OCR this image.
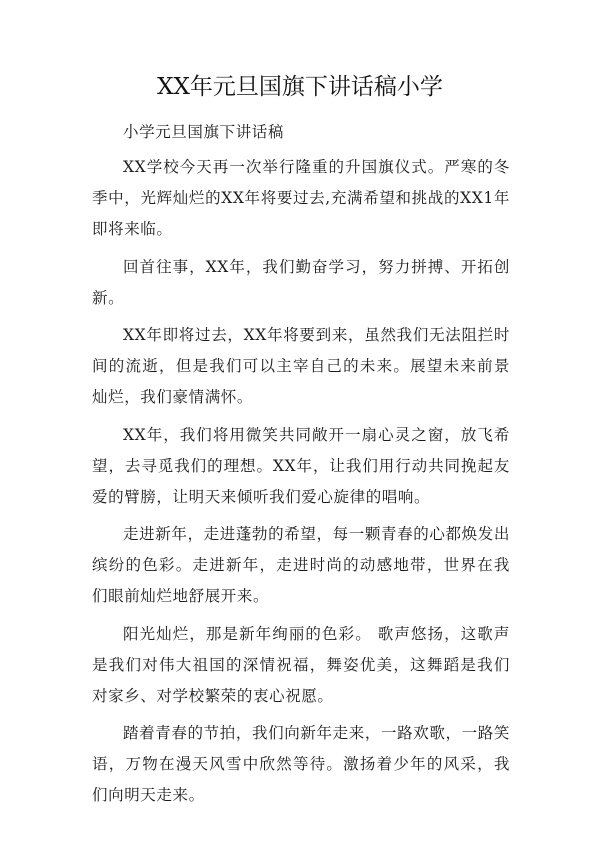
XX年元旦国旗下讲话稿小学

小学元旦国旗下讲话稿

XX学校今天再一次举行隆重的升国旗仪式。严寒的冬季中，光辉灿烂的XX年将要过去,充满希望和挑战的XX1年即将来临。

回首往事，XX年，我们勤奋学习，努力拼搏、开拓创新。

XX年即将过去，XX年将要到来，虽然我们无法阻拦时间的流逝，但是我们可以主宰自己的未来。展望未来前景灿烂，我们豪情满怀。

XX年，我们将用微笑共同敞开一扇心灵之窗，放飞希望，去寻觅我们的理想。XX年，让我们用行动共同挽起友爱的臂膀，让明天来倾听我们爱心旋律的唱响。

走进新年，走进蓬勃的希望，每一颗青春的心都焕发出缤纷的色彩。走进新年，走进时尚的动感地带，世界在我们眼前灿烂地舒展开来。

阳光灿烂，那是新年绚丽的色彩。 歌声悠扬，这歌声是我们对伟大祖国的深情祝福，舞姿优美，这舞蹈是我们对家乡、对学校繁荣的衷心祝愿。

踏着青春的节拍，我们向新年走来，一路欢歌，一路笑语，万物在漫天风雪中欣然等待。激扬着少年的风采，我们向明天走来。
